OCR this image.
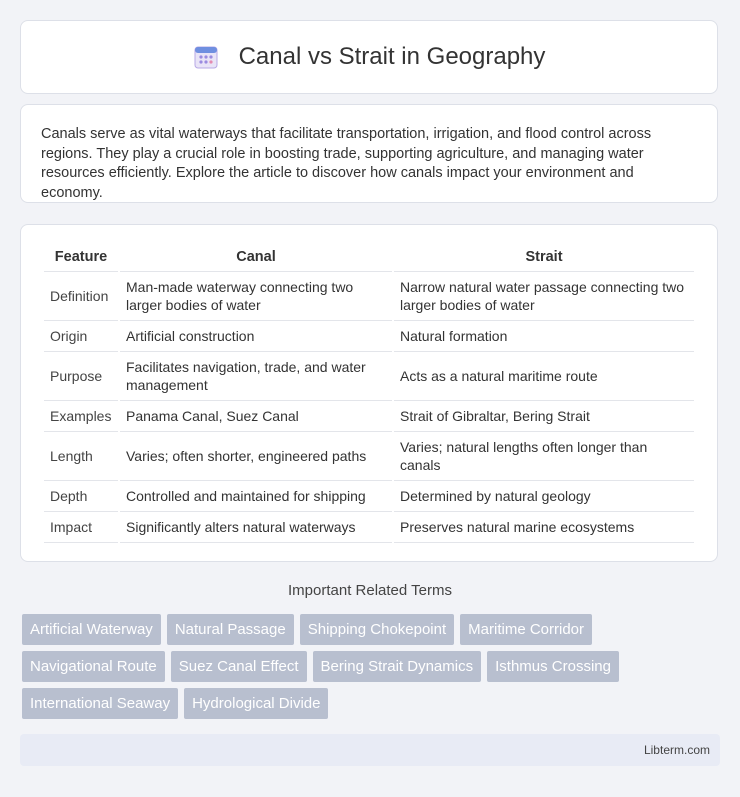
Canal vs Strait in Geography

Canals serve as vital waterways that facilitate transportation, irrigation, and flood control across regions. They play a crucial role in boosting trade, supporting agriculture, and managing water resources efficiently. Explore the article to discover how canals impact your environment and economy.

Feature	Canal	Strait
Definition	Man-made waterway connecting two larger bodies of water	Narrow natural water passage connecting two larger bodies of water
Origin	Artificial construction	Natural formation
Purpose	Facilitates navigation, trade, and water management	Acts as a natural maritime route
Examples	Panama Canal, Suez Canal	Strait of Gibraltar, Bering Strait
Length	Varies; often shorter, engineered paths	Varies; natural lengths often longer than canals
Depth	Controlled and maintained for shipping	Determined by natural geology
Impact	Significantly alters natural waterways	Preserves natural marine ecosystems
Important Related Terms
Artificial Waterway	Natural Passage	Shipping Chokepoint	Maritime Corridor
Navigational Route	Suez Canal Effect	Bering Strait Dynamics	Isthmus Crossing
International Seaway	Hydrological Divide
Libterm.com
